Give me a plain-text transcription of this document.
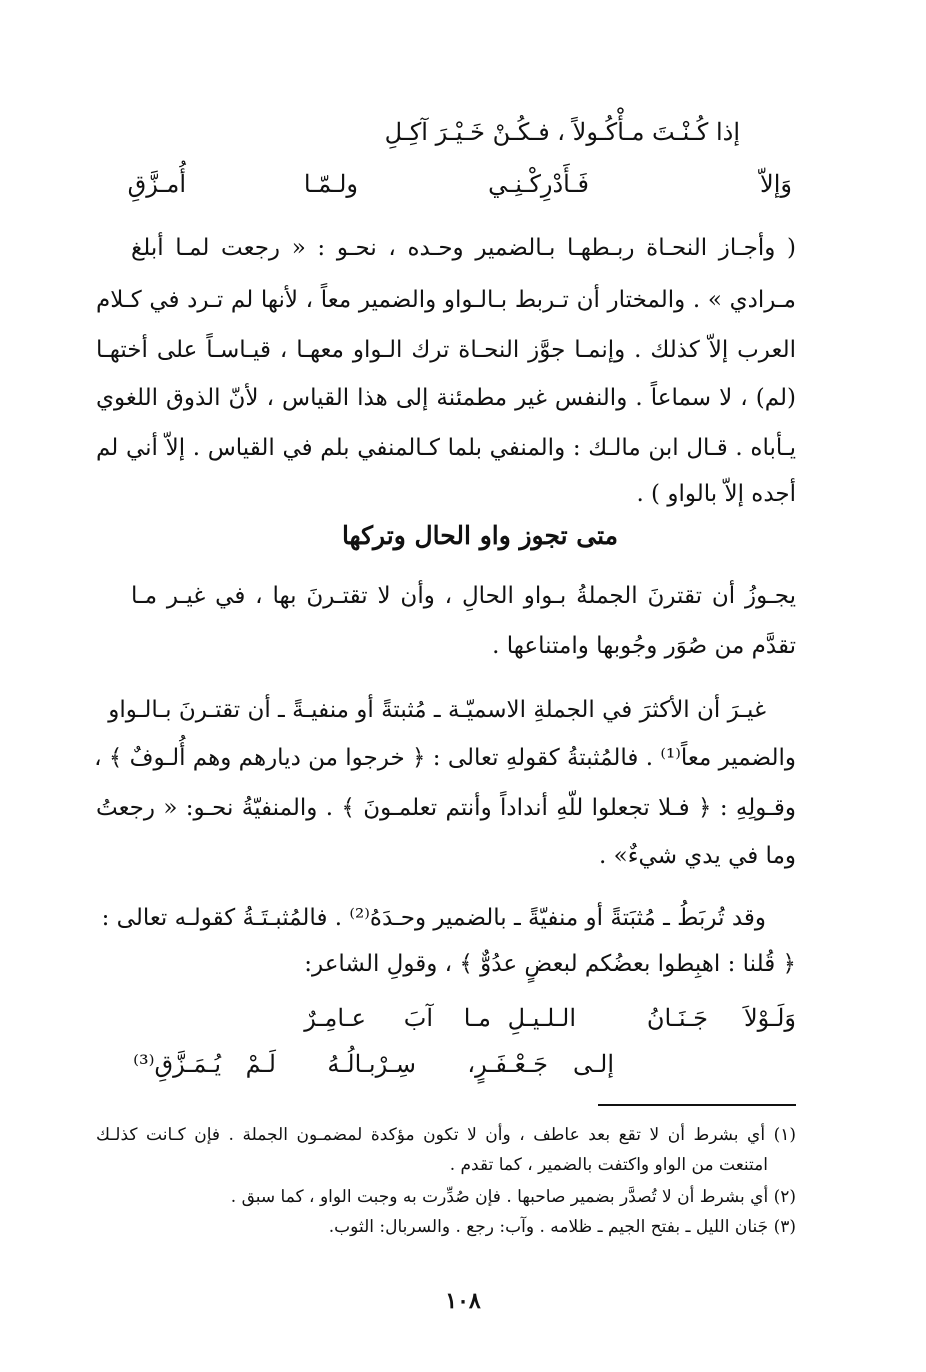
إذا كُـنْـتَ مـأْكُـولاً ، فـكُـنْ خَـيْـرَ آكِـلِ
وَإلاّ
فَـأَدْرِكْـنِـي
ولـمّـا
أُمـزَّقِ
( وأجـاز النحـاة ربـطهـا بـالضمير وحـده ، نحـو : « رجعت لمـا أبلغ
مـرادي » . والمختار أن تـربط بـالـواو والضمير معاً ، لأنها لم تـرد في كـلام
العرب إلاّ كذلك . وإنمـا جوَّز النحـاة ترك الـواو معهـا ، قيـاسـاً على أختهـا
(لم) ، لا سماعاً . والنفس غير مطمئنة إلى هذا القياس ، لأنّ الذوق اللغوي
يـأباه . قـال ابن مالـك : والمنفي بلما كـالمنفي بلم في القياس . إلاّ أني لم
أجده إلاّ بالواو ) .
متى تجوز واو الحال وتركها
يجـوزُ أن تقترنَ الجملةُ بـواو الحالِ ، وأن لا تقتـرنَ بها ، في غيـر مـا
تقدَّم من صُوَر وجُوبها وامتناعها .
غيـرَ أن الأكثرَ في الجملةِ الاسميّـة ـ مُثبتةً أو منفيـةً ـ أن تقتـرنَ بـالـواو
والضمير معاً⁽¹⁾ . فالمُثبتةُ كقولهِ تعالى : ﴿ خرجوا من ديارهم وهم أُلـوفٌ ﴾ ،
وقـولِهِ : ﴿ فـلا تجعلوا للّهِ أنداداً وأنتم تعلمـونَ ﴾ . والمنفيّةُ نحـو: « رجعتُ
وما في يدي شيءٌ» .
وقد تُربَطُ ـ مُثبَتةً أو منفيّةً ـ بالضمير وحـدَهُ⁽²⁾ . فالمُثبـتَـةُ كقولـه تعالى :
﴿ قُلنا : اهبِطوا بعضُكم لبعضٍ عدُوٌّ ﴾ ، وقولِ الشاعر:
وَلَـوْلاَ
جَـنَـانُ
الـلـيـلِ
مـا
آبَ
عـامِـرٌ
إلـى
جَـعْـفَـرٍ،
سِـرْبـالُـهُ
لَـمْ
يُـمَـزَّقِ⁽³⁾
(١) أي بشرط أن لا تقع بعد عاطف ، وأن لا تكون مؤكدة لمضمـون الجملة . فإن كـانت كذلـك
امتنعت من الواو واكتفت بالضمير ، كما تقدم .
(٢) أي بشرط أن لا تُصدَّر بضمير صاحبها . فإن صُدِّرت به وجبت الواو ، كما سبق .
(٣) جَنان الليل ـ بفتح الجيم ـ ظلامه . وآب: رجع . والسربال: الثوب.
١٠٨
